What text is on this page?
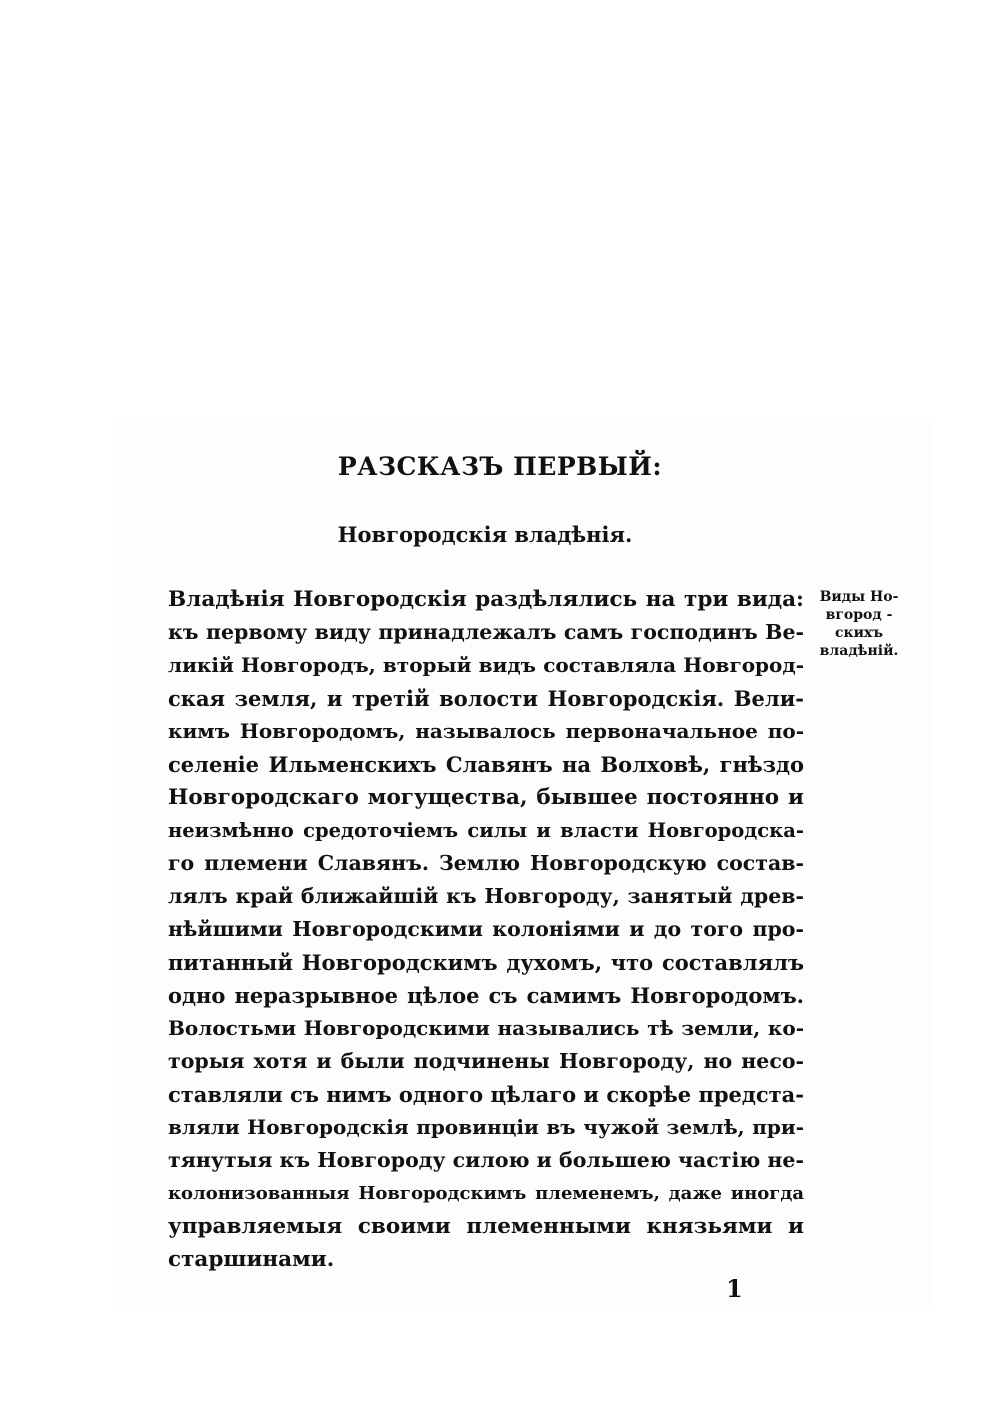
РАЗСКАЗЪ ПЕРВЫЙ:
Новгородскія владѣнія.
Владѣнія Новгородскія раздѣлялись на три вида:
къ первому виду принадлежалъ самъ господинъ Ве-
ликій Новгородъ, вторый видъ составляла Новгород-
ская земля, и третій волости Новгородскія. Вели-
кимъ Новгородомъ, называлось первоначальное по-
селеніе Ильменскихъ Славянъ на Волховѣ, гнѣздо
Новгородскаго могущества, бывшее постоянно и
неизмѣнно средоточіемъ силы и власти Новгородска-
го племени Славянъ. Землю Новгородскую состав-
лялъ край ближайшій къ Новгороду, занятый древ-
нѣйшими Новгородскими колоніями и до того про-
питанный Новгородскимъ духомъ, что составлялъ
одно неразрывное цѣлое съ самимъ Новгородомъ.
Волостьми Новгородскими назывались тѣ земли, ко-
торыя хотя и были подчинены Новгороду, но несо-
ставляли съ нимъ одного цѣлаго и скорѣе предста-
вляли Новгородскія провинціи въ чужой землѣ, при-
тянутыя къ Новгороду силою и большею частію не-
колонизованныя Новгородскимъ племенемъ, даже иногда
управляемыя своими племенными князьями и
старшинами.
Виды Но-
вгород -
скихъ
владѣній.
1
